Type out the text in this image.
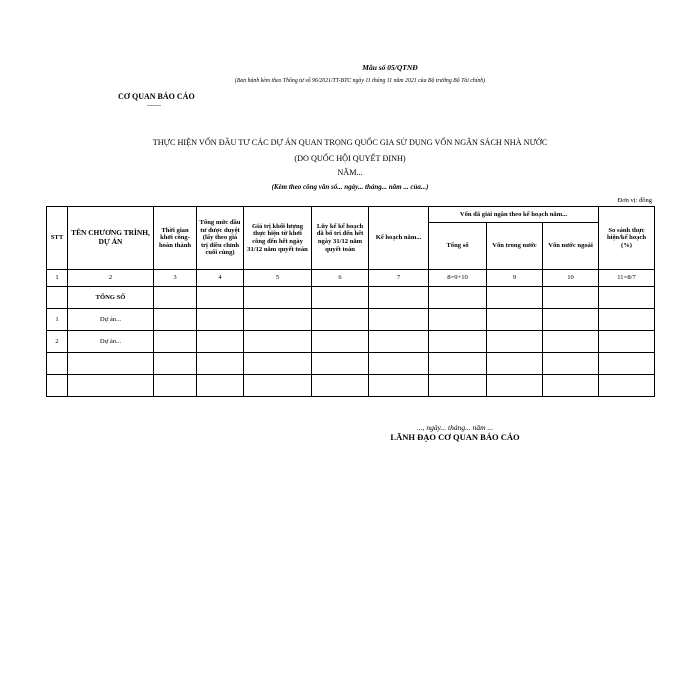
Mẫu số 05/QTNĐ
(Ban hành kèm theo Thông tư số 96/2021/TT-BTC ngày 11 tháng 11 năm 2021 của Bộ trưởng Bộ Tài chính)
CƠ QUAN BÁO CÁO
-------
THỰC HIỆN VỐN ĐẦU TƯ CÁC DỰ ÁN QUAN TRỌNG QUỐC GIA SỬ DỤNG VỐN NGÂN SÁCH NHÀ NƯỚC
(DO QUỐC HỘI QUYẾT ĐỊNH)
NĂM...
(Kèm theo công văn số... ngày... tháng... năm ... của...)
Đơn vị: đồng
STT	TÊN CHƯƠNG TRÌNH, DỰ ÁN	Thời gian khởi công-hoàn thành	Tổng mức đầu tư được duyệt (lấy theo giá trị điều chỉnh cuối cùng)	Giá trị khối lượng thực hiện từ khởi công đến hết ngày 31/12 năm quyết toán	Lũy kế kế hoạch đã bố trí đến hết ngày 31/12 năm quyết toán	Kế hoạch năm...	Vốn đã giải ngân theo kế hoạch năm...			So sánh thực hiện/kế hoạch (%)
							Tổng số	Vốn trong nước	Vốn nước ngoài	
1	2	3	4	5	6	7	8=9+10	9	10	11=8/7
	TỔNG SỐ									
1	Dự án...									
2	Dự án...									

..., ngày... tháng... năm ...
LÃNH ĐẠO CƠ QUAN BÁO CÁO
